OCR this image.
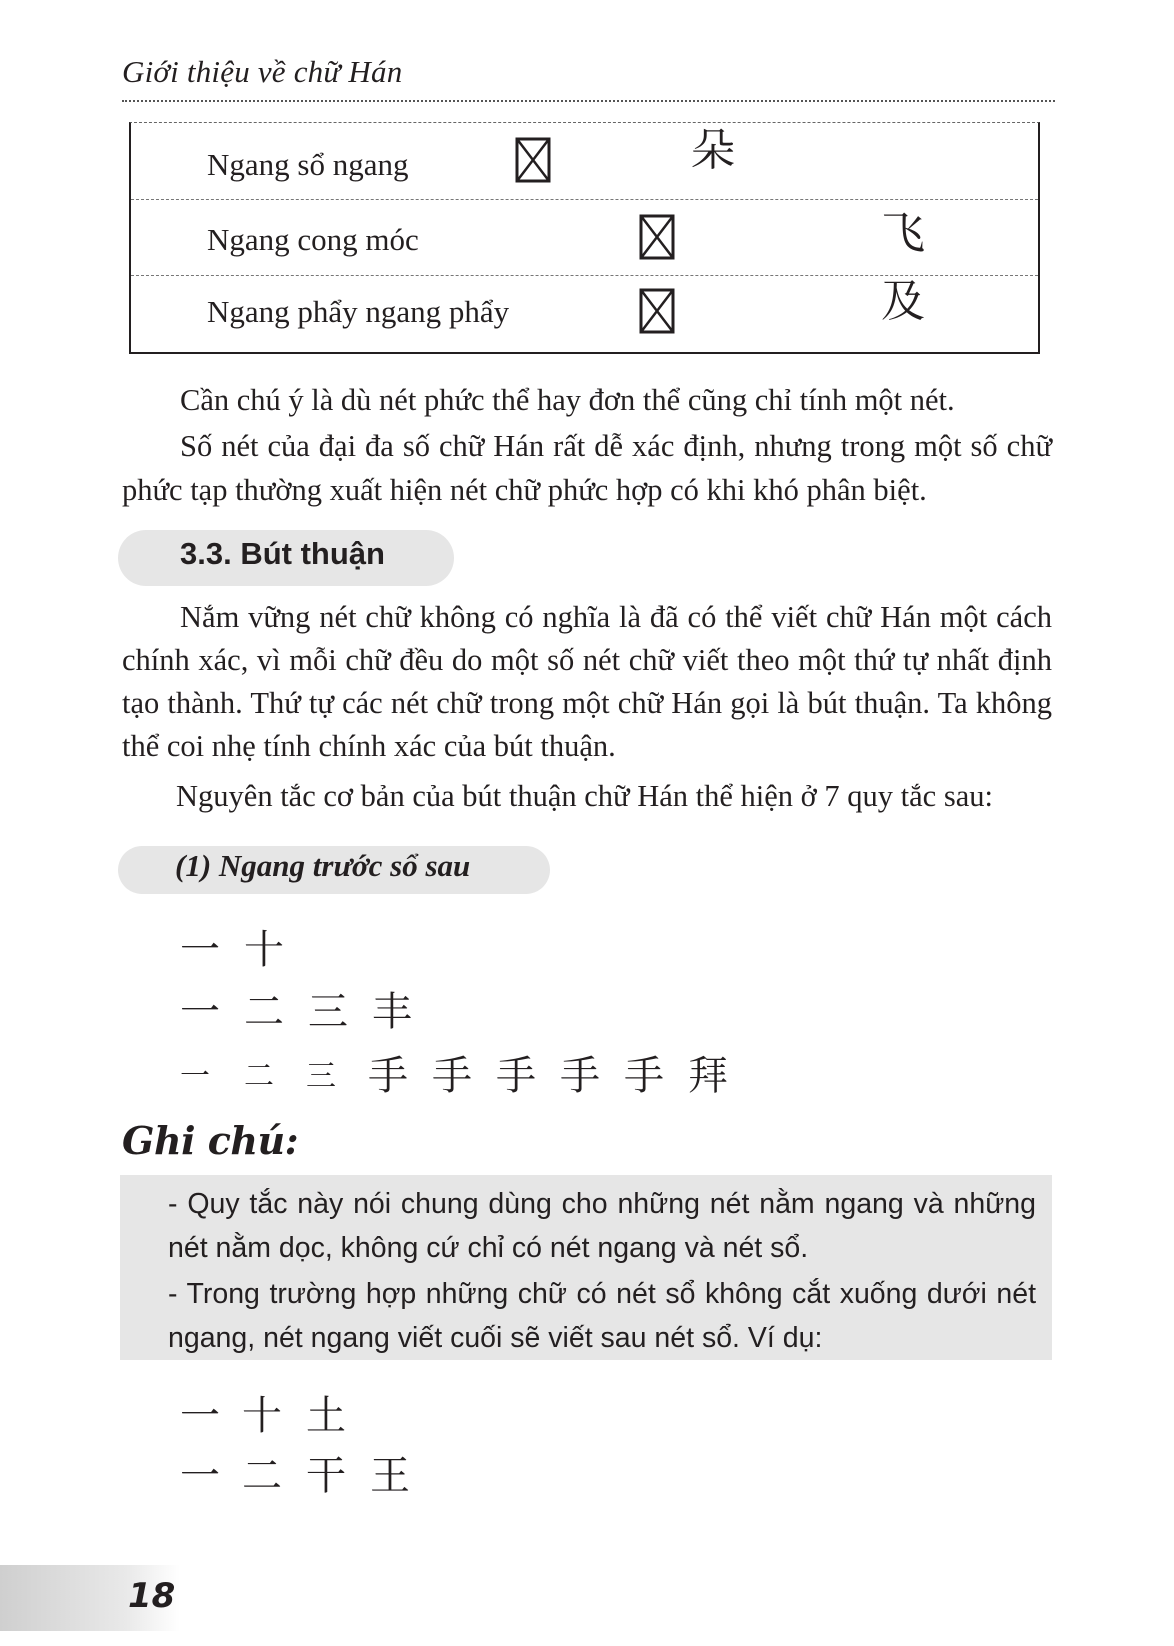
Giới thiệu về chữ Hán
Ngang sổ ngang	朵
Ngang cong móc	飞
Ngang phẩy ngang phẩy	及

Cần chú ý là dù nét phức thể hay đơn thể cũng chỉ tính một nét.

Số nét của đại đa số chữ Hán rất dễ xác định, nhưng trong một số chữ phức tạp thường xuất hiện nét chữ phức hợp có khi khó phân biệt.

3.3. Bút thuận

Nắm vững nét chữ không có nghĩa là đã có thể viết chữ Hán một cách chính xác, vì mỗi chữ đều do một số nét chữ viết theo một thứ tự nhất định tạo thành. Thứ tự các nét chữ trong một chữ Hán gọi là bút thuận. Ta không thể coi nhẹ tính chính xác của bút thuận.

Nguyên tắc cơ bản của bút thuận chữ Hán thể hiện ở 7 quy tắc sau:

(1) Ngang trước sổ sau
一 十
一 二 三 丰
一 二 三 手 手 手 手 手 拜
Ghi chú:

- Quy tắc này nói chung dùng cho những nét nằm ngang và những nét nằm dọc, không cứ chỉ có nét ngang và nét sổ.

- Trong trường hợp những chữ có nét sổ không cắt xuống dưới nét ngang, nét ngang viết cuối sẽ viết sau nét sổ. Ví dụ:

一 十 土
一 二 干 王
18
